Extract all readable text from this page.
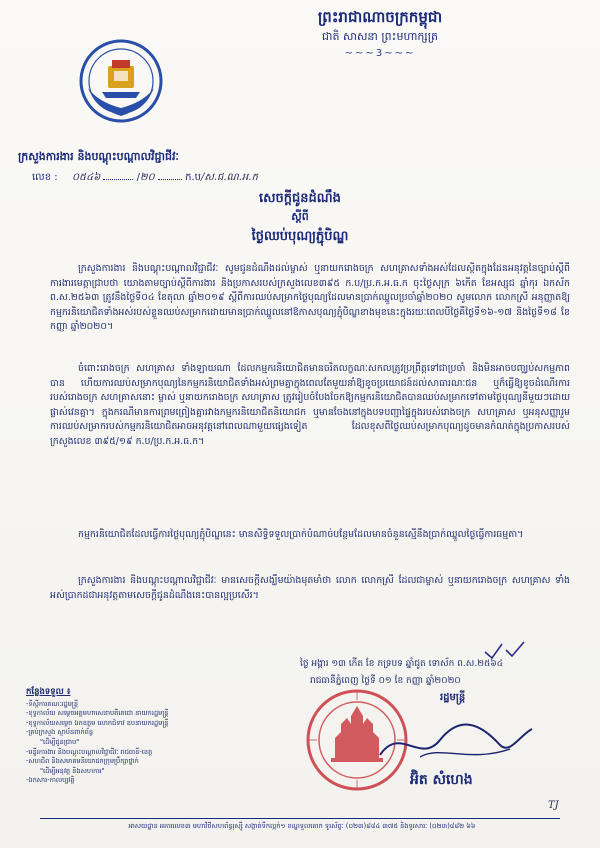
ព្រះរាជាណាចក្រកម្ពុជា
ជាតិ សាសនា ព្រះមហាក្សត្រ
~~~3~~~
ក្រសួងការងារ និងបណ្តុះបណ្តាលវិជ្ជាជីវៈ
លេខ : ០៥៤៦	/២០	ក.ប/ស.ជ.ណ.អ.ក
សេចក្តីជូនដំណឹង
ស្តីពី
ថ្ងៃឈប់បុណ្យភ្ជុំបិណ្ឌ
ក្រសួងការងារ និងបណ្តុះបណ្តាលវិជ្ជាជីវៈ សូមជូនដំណឹងដល់ម្ចាស់ ឬនាយករោងចក្រ សហគ្រាសទាំងអស់ដែលស្ថិតក្នុងដែនអនុវត្តនៃច្បាប់ស្តីពីការងារមេត្តាជ្រាបថា យោងតាមច្បាប់ស្តីពីការងារ និងប្រកាសរបស់ក្រសួងលេខ៣៩៥ ក.ប/ប្រ.ក.អ.ធ.ក ចុះថ្ងៃសុក្រ ៦កើត ខែអស្សុជ ឆ្នាំកុរ ឯកស័ក ព.ស.២៥៦៣ ត្រូវនឹងថ្ងៃទី០៤ ខែតុលា ឆ្នាំ២០១៩ ស្តីពីការឈប់សម្រាកថ្ងៃបុណ្យដែលមានប្រាក់ឈ្នួលប្រចាំឆ្នាំ២០២០ សូមលោក លោកស្រី អនុញ្ញាតឱ្យកម្មករនិយោជិតទាំងអស់របស់ខ្លួនឈប់សម្រាកដោយមានប្រាក់ឈ្នួលនៅឱកាសបុណ្យភ្ជុំបិណ្ឌខាងមុខនេះក្នុងរយៈពេលបីថ្ងៃគឺថ្ងៃទី១៦-១៧ និងថ្ងៃទី១៨ ខែកញ្ញា ឆ្នាំ២០២០។
ចំពោះរោងចក្រ សហគ្រាស ទាំងឡាយណា ដែលកម្មករនិយោជិតមានចរិតលក្ខណៈសកលត្រូវប្រព្រឹត្តទៅជាប្រចាំ និងមិនអាចបញ្ឈប់សកម្មភាពបាន ហើយការឈប់សម្រាកបុណ្យនៃកម្មករនិយោជិតទាំងអស់ព្រមគ្នាក្នុងពេលតែមួយនាំឱ្យខូចប្រយោជន៍ដល់សាធារណៈជន ឬក៏ធ្វើឱ្យខូចដំណើរការរបស់រោងចក្រ សហគ្រាសនោះ ម្ចាស់ ឬនាយករោងចក្រ សហគ្រាស ត្រូវរៀបចំបែងចែកឱ្យកម្មករនិយោជិតបានឈប់សម្រាកទៅតាមថ្ងៃបុណ្យនីមួយៗដោយផ្លាស់វេនគ្នា។ ក្នុងករណីមានការព្រមព្រៀងគ្នារវាងកម្មករនិយោជិតនិយោជក ឬមានចែងនៅក្នុងបទបញ្ជាផ្ទៃក្នុងរបស់រោងចក្រ សហគ្រាស ឬអនុសញ្ញារួម ការឈប់សម្រាករបស់កម្មករនិយោជិតអាចអនុវត្តនៅពេលណាមួយផ្សេងទៀត ដែលខុសពីថ្ងៃឈប់សម្រាកបុណ្យដូចមានកំណត់ក្នុងប្រកាសរបស់ក្រសួងលេខ ៣៩៥/១៩ ក.ប/ប្រ.ក.អ.ធ.ក។
កម្មករនិយោជិតដែលធ្វើការថ្ងៃបុណ្យភ្ជុំបិណ្ឌនេះ មានសិទ្ធិទទួលប្រាក់បំណាច់បន្ថែមដែលមានចំនួនស្មើនឹងប្រាក់ឈ្នួលថ្ងៃធ្វើការធម្មតា។
ក្រសួងការងារ និងបណ្តុះបណ្តាលវិជ្ជាជីវៈ មានសេចក្តីសង្ឃឹមយ៉ាងមុតមាំថា លោក លោកស្រី ដែលជាម្ចាស់ ឬនាយករោងចក្រ សហគ្រាស ទាំងអស់ប្រាកដជាអនុវត្តតាមសេចក្តីជូនដំណឹងនេះបានល្អប្រសើរ។
ថ្ងៃ អង្គារ ១៣ កើត ខែ ភទ្របទ ឆ្នាំជូត ទោស័ក ព.ស.២៥៦៤
រាជធានីភ្នំពេញ ថ្ងៃទី ០១ ខែ កញ្ញា ឆ្នាំ២០២០
រដ្ឋមន្ត្រី
អ៊ិត សំហេង
កន្លែងទទួល ៖
-ទីស្តីការគណៈរដ្ឋមន្ត្រី
-ខុទ្ទកាល័យ សម្តេចអគ្គមហាសេនាបតីតេជោ នាយករដ្ឋមន្ត្រី
-ខុទ្ទកាល័យសម្តេច ឯកឧត្តម លោកជំទាវ ឧបនាយករដ្ឋមន្ត្រី
-គ្រប់ក្រសួង ស្ថាប័នពាក់ព័ន្ធ
"ដើម្បីជូនជ្រាប"
-មន្ទីរការងារ និងបណ្តុះបណ្តាលវិជ្ជាជីវៈ រាជធានី-ខេត្ត
-សហជីព និងសមាគមនិយោជកក្រុមប្រឹក្សាថ្នាក់
"ដើម្បីអនុវត្ត និងសហការ"
-ឯកសារ-កាលប្បវត្តិ
TJ
អាសយដ្ឋាន អគារលេខ៣ មហាវិថីសហព័ន្ធរុស្ស៊ី សង្កាត់ទឹកល្អក់១ ខណ្ឌទួលគោក ទូរស័ព្ទៈ (០២៣)៨៨៤ ៣៧៥ និងទូរសារៈ (០២៣)៨៨២ ៦៦
